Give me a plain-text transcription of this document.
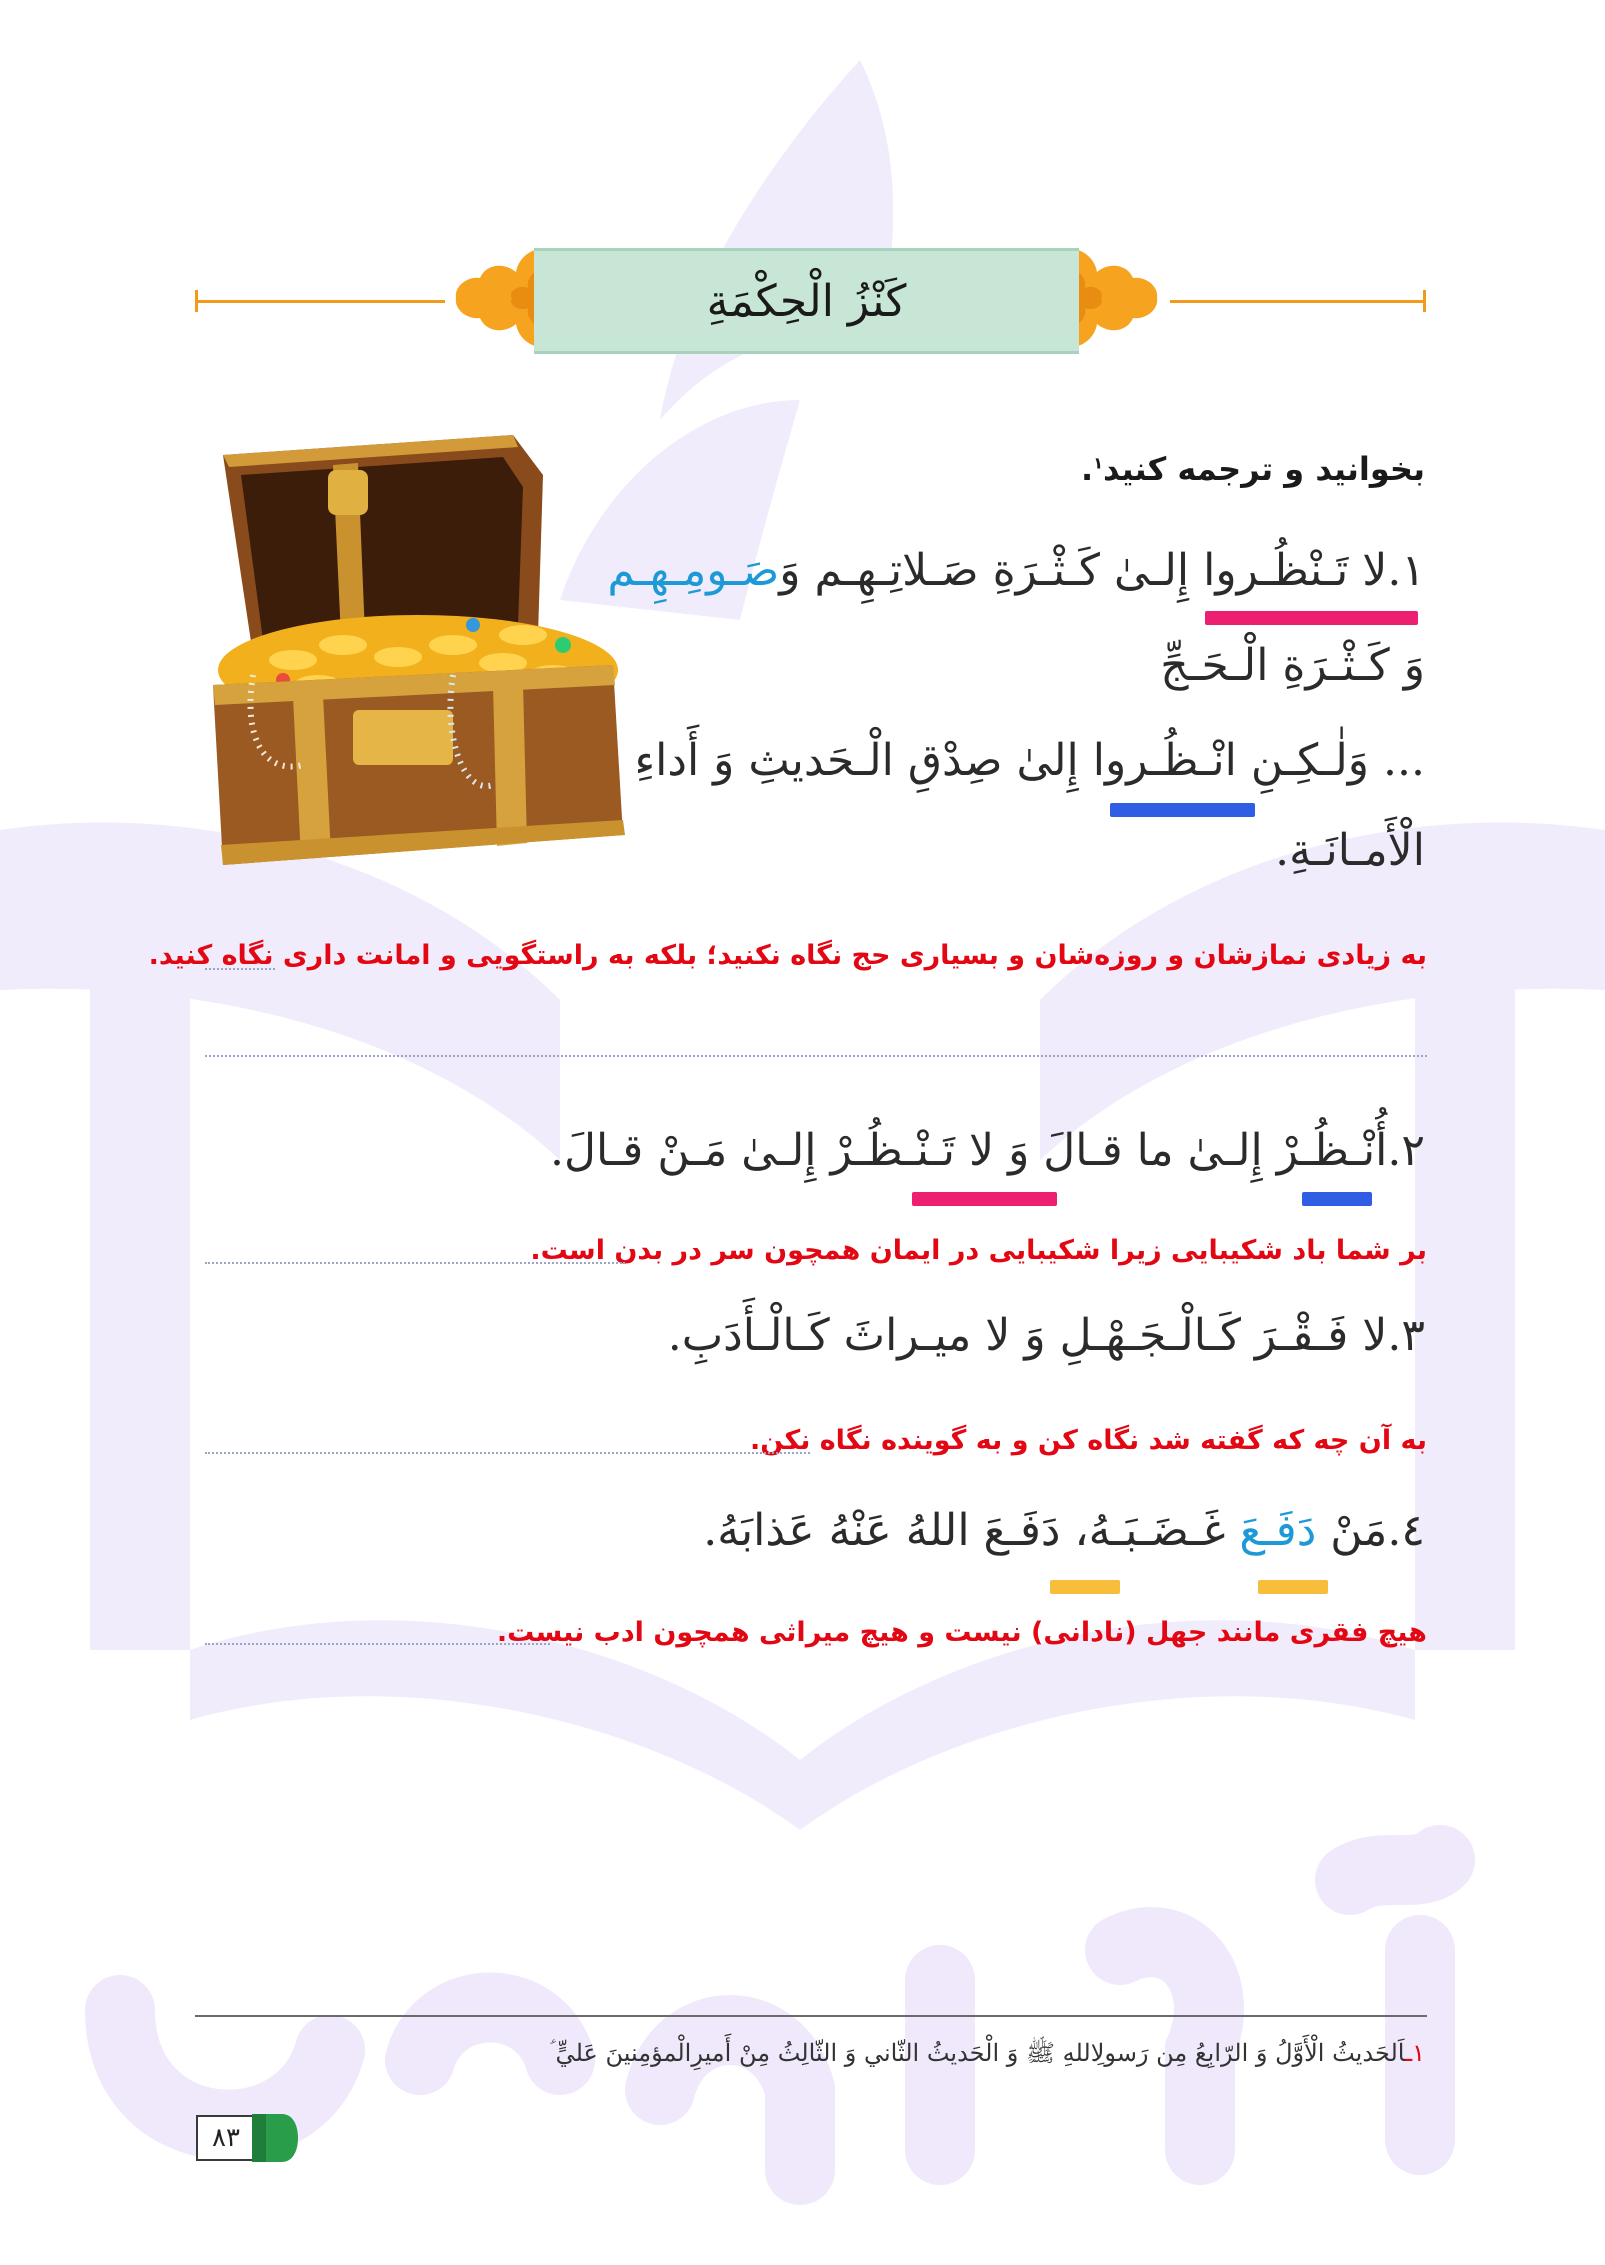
كَنْزُ الْحِكْمَةِ
بخوانید و ترجمه کنید$^۱$.
۱.لا تَـنْظُـروا إِلـىٰ كَـثْـرَةِ صَـلاتِـهِـم وَصَـومِـهِـم
وَ كَـثْـرَةِ الْـحَـجِّ
... وَلٰـكِـنِ انْـظُـروا إِلىٰ صِدْقِ الْـحَديثِ وَ أَداءِ
الْأَمـانَـةِ.
به زیادی نمازشان و روزه‌شان و بسیاری حج نگاه نکنید؛ بلکه به راستگویی و امانت داری نگاه کنید.
۲.أُنْـظُـرْ إِلـىٰ ما قـالَ وَ لا تَـنْـظُـرْ إِلـىٰ مَـنْ قـالَ.
بر شما باد شکیبایی زیرا شکیبایی در ایمان همچون سر در بدن است.
۳.لا فَـقْـرَ كَـالْـجَـهْـلِ وَ لا ميـراثَ كَـالْـأَدَبِ.
به آن چه که گفته شد نگاه کن و به گوینده نگاه نکن.
٤.مَنْ دَفَـعَ غَـضَـبَـهُ، دَفَـعَ اللهُ عَنْهُ عَذابَهُ.
هیچ فقری مانند جهل (نادانی) نیست و هیچ میراثی همچون ادب نیست.
١ـاَلحَديثُ الْأَوَّلُ وَ الرّابِعُ مِن رَسولِاللهِ ﷺ وَ الْحَديثُ الثّاني وَ الثّالِثُ مِنْ أَميرِالْمؤمِنينَ عَليٍّ ؑ
۸۳
